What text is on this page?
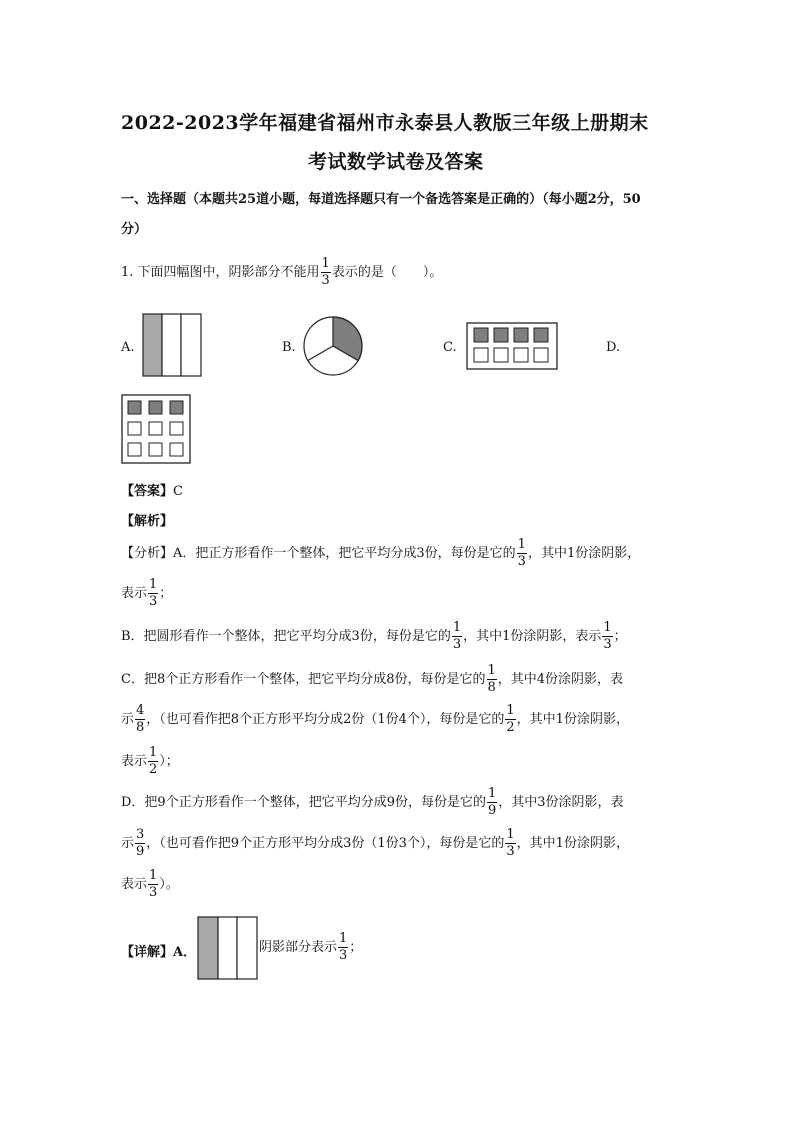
2022-2023学年福建省福州市永泰县人教版三年级上册期末
考试数学试卷及答案
一、选择题（本题共25道小题，每道选择题只有一个备选答案是正确的）（每小题2分，50
分）
1. 下面四幅图中，阴影部分不能用 $\frac{1}{3}$ 表示的是（　　）。
A.	B.	C.	D.
【答案】C
【解析】
【分析】A．把正方形看作一个整体，把它平均分成3份，每份是它的 $\frac{1}{3}$ ，其中1份涂阴影，
表示 $\frac{1}{3}$ ；
B．把圆形看作一个整体，把它平均分成3份，每份是它的 $\frac{1}{3}$ ，其中1份涂阴影，表示 $\frac{1}{3}$ ；
C．把8个正方形看作一个整体，把它平均分成8份，每份是它的 $\frac{1}{8}$ ，其中4份涂阴影，表
示 $\frac{4}{8}$ ，（也可看作把8个正方形平均分成2份（1份4个），每份是它的 $\frac{1}{2}$ ，其中1份涂阴影，
表示 $\frac{1}{2}$ ）；
D．把9个正方形看作一个整体，把它平均分成9份，每份是它的 $\frac{1}{9}$ ，其中3份涂阴影，表
示 $\frac{3}{9}$ ，（也可看作把9个正方形平均分成3份（1份3个），每份是它的 $\frac{1}{3}$ ，其中1份涂阴影，
表示 $\frac{1}{3}$ ）。
【详解】A．	阴影部分表示 $\frac{1}{3}$ ；
